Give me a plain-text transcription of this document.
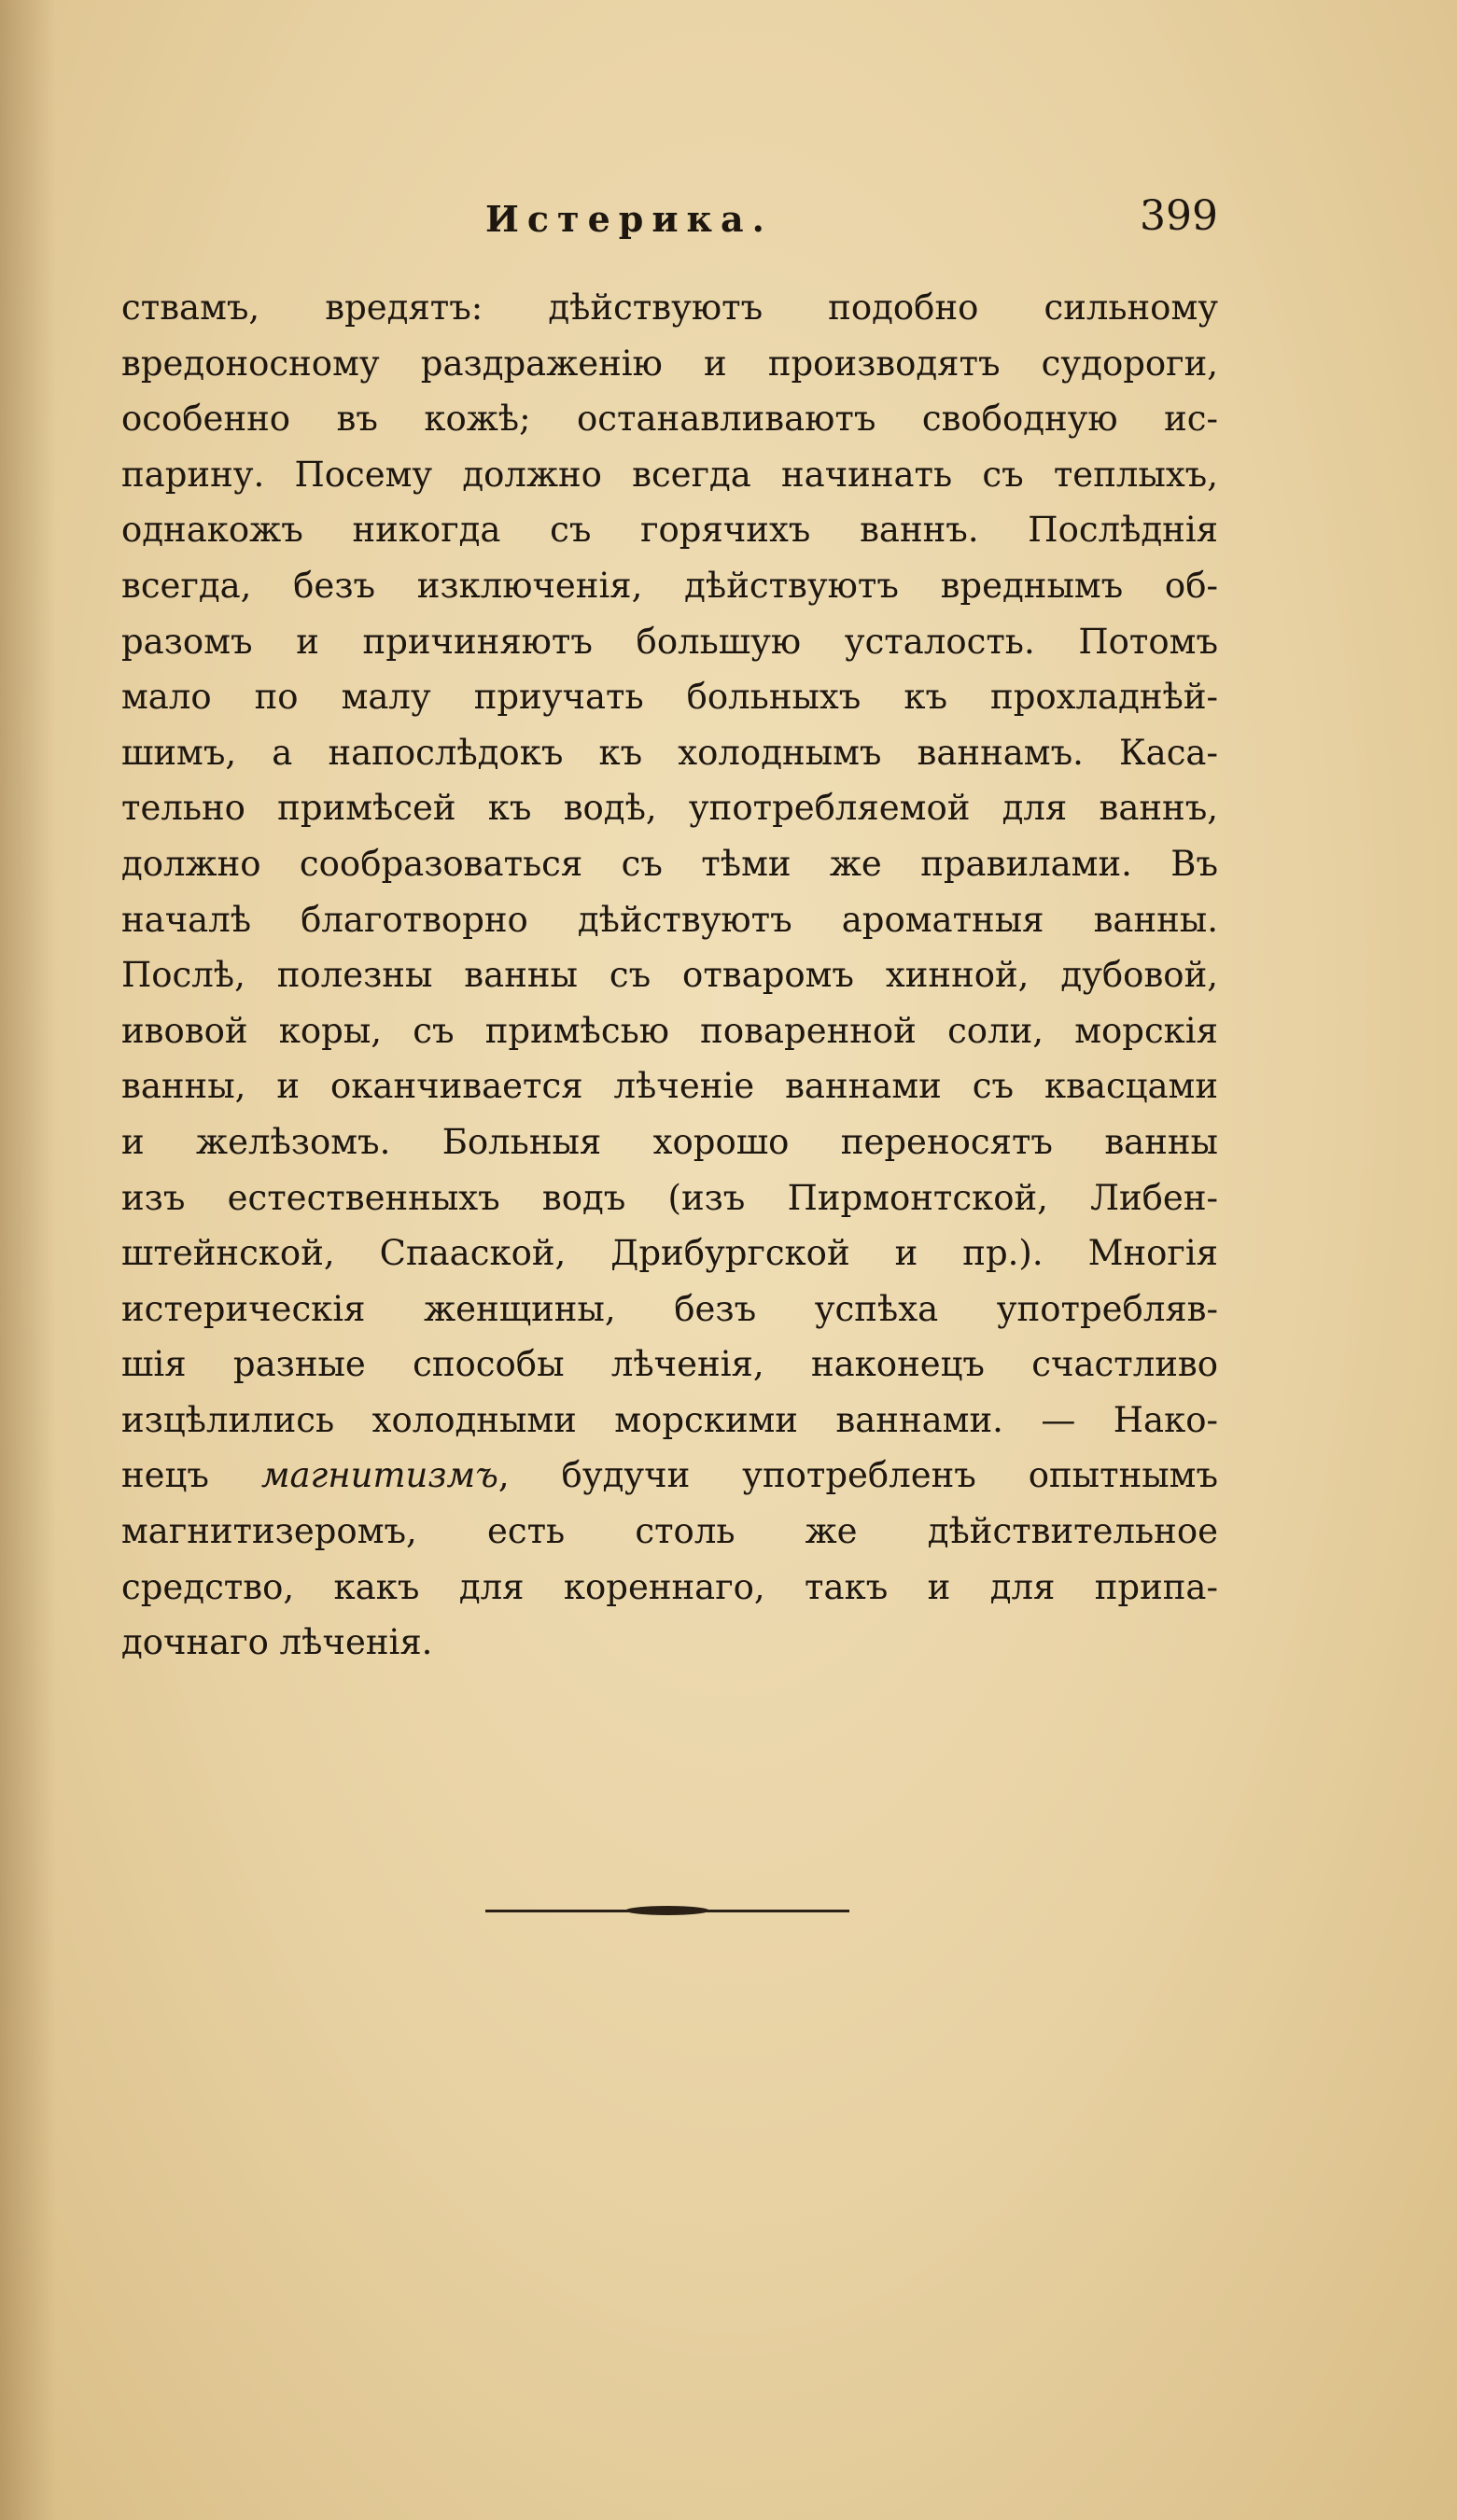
Истерика.	399
ствамъ, вредятъ: дѣйствуютъ подобно сильному
вредоносному раздраженiю и производятъ судороги,
особенно въ кожѣ; останавливаютъ свободную ис-
парину. Посему должно всегда начинать съ теплыхъ,
однакожъ никогда съ горячихъ ваннъ. Послѣднія
всегда, безъ изключенія, дѣйствуютъ вреднымъ об-
разомъ и причиняютъ большую усталость. Потомъ
мало по малу приучать больныхъ къ прохладнѣй-
шимъ, а напослѣдокъ къ холоднымъ ваннамъ. Каса-
тельно примѣсей къ водѣ, употребляемой для ваннъ,
должно сообразоваться съ тѣми же правилами. Въ
началѣ благотворно дѣйствуютъ ароматныя ванны.
Послѣ, полезны ванны съ отваромъ хинной, дубовой,
ивовой коры, съ примѣсью поваренной соли, морскія
ванны, и оканчивается лѣченіе ваннами съ квасцами
и желѣзомъ. Больныя хорошо переносятъ ванны
изъ естественныхъ водъ (изъ Пирмонтской, Либен-
штейнской, Спааской, Дрибургской и пр.). Многія
истерическія женщины, безъ успѣха употребляв-
шія разные способы лѣченія, наконецъ счастливо
изцѣлились холодными морскими ваннами. — Нако-
нецъ магнитизмъ, будучи употребленъ опытнымъ
магнитизеромъ, есть столь же дѣйствительное
средство, какъ для кореннаго, такъ и для припа-
дочнаго лѣченія.
